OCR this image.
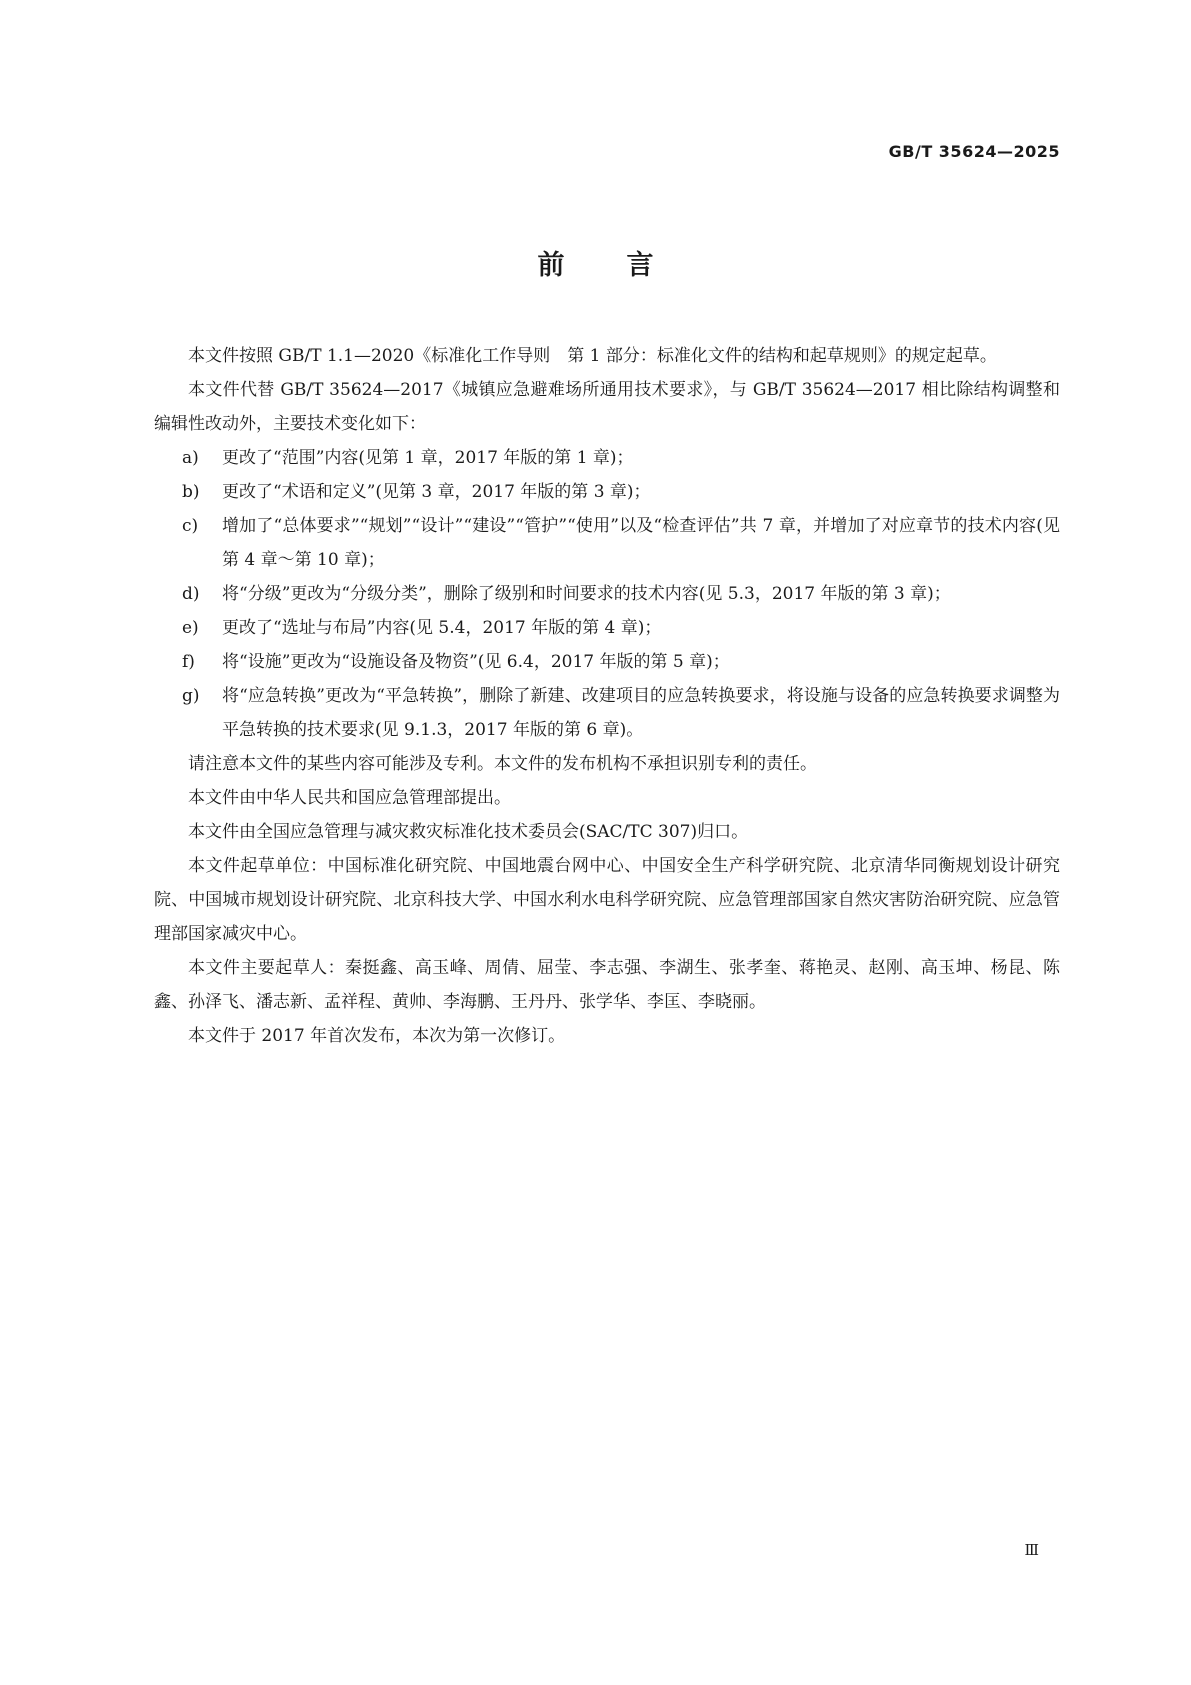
GB/T 35624—2025
前 言

本文件按照 GB/T 1.1—2020《标准化工作导则　第 1 部分：标准化文件的结构和起草规则》的规定起草。

本文件代替 GB/T 35624—2017《城镇应急避难场所通用技术要求》，与 GB/T 35624—2017 相比除结构调整和编辑性改动外，主要技术变化如下：

a)	更改了“范围”内容(见第 1 章，2017 年版的第 1 章)；
b)	更改了“术语和定义”(见第 3 章，2017 年版的第 3 章)；
c)	增加了“总体要求”“规划”“设计”“建设”“管护”“使用”以及“检查评估”共 7 章，并增加了对应章节的技术内容(见第 4 章～第 10 章)；
d)	将“分级”更改为“分级分类”，删除了级别和时间要求的技术内容(见 5.3，2017 年版的第 3 章)；
e)	更改了“选址与布局”内容(见 5.4，2017 年版的第 4 章)；
f)	将“设施”更改为“设施设备及物资”(见 6.4，2017 年版的第 5 章)；
g)	将“应急转换”更改为“平急转换”，删除了新建、改建项目的应急转换要求，将设施与设备的应急转换要求调整为平急转换的技术要求(见 9.1.3，2017 年版的第 6 章)。

请注意本文件的某些内容可能涉及专利。本文件的发布机构不承担识别专利的责任。

本文件由中华人民共和国应急管理部提出。

本文件由全国应急管理与减灾救灾标准化技术委员会(SAC/TC 307)归口。

本文件起草单位：中国标准化研究院、中国地震台网中心、中国安全生产科学研究院、北京清华同衡规划设计研究院、中国城市规划设计研究院、北京科技大学、中国水利水电科学研究院、应急管理部国家自然灾害防治研究院、应急管理部国家减灾中心。

本文件主要起草人：秦挺鑫、高玉峰、周倩、屈莹、李志强、李湖生、张孝奎、蒋艳灵、赵刚、高玉坤、杨昆、陈鑫、孙泽飞、潘志新、孟祥程、黄帅、李海鹏、王丹丹、张学华、李匡、李晓丽。

本文件于 2017 年首次发布，本次为第一次修订。

Ⅲ
